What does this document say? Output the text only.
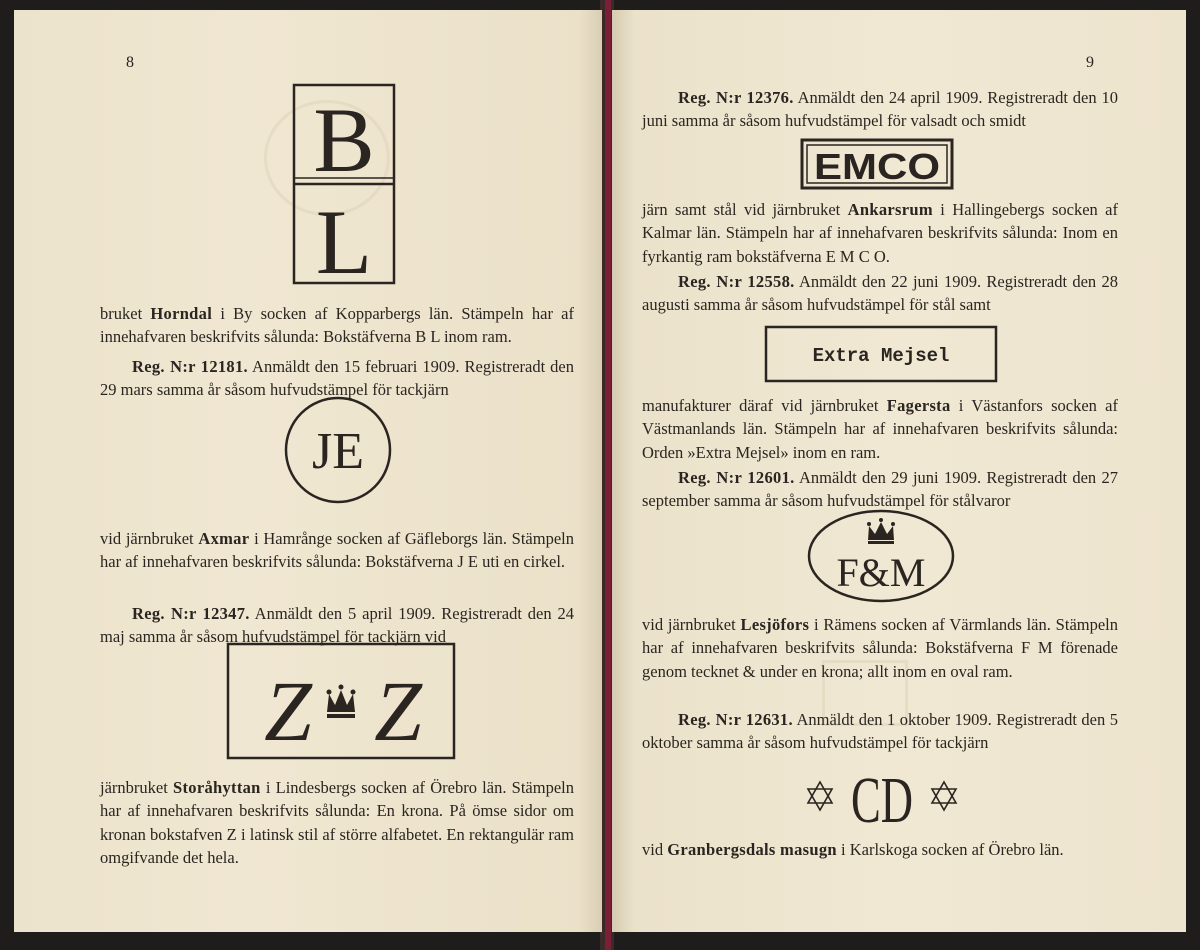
8
B
L

bruket Horndal i By socken af Kopparbergs län. Stämpeln har af innehafvaren beskrifvits sålunda: Bokstäfverna B L inom ram.

Reg. N:r 12181. Anmäldt den 15 februari 1909. Registreradt den 29 mars samma år såsom hufvudstämpel för tackjärn

JE

vid järnbruket Axmar i Hamrånge socken af Gäfleborgs län. Stämpeln har af innehafvaren beskrifvits sålunda: Bokstäfverna J E uti en cirkel.

Reg. N:r 12347. Anmäldt den 5 april 1909. Registreradt den 24 maj samma år såsom hufvudstämpel för tackjärn vid

Z Z

järnbruket Storåhyttan i Lindesbergs socken af Örebro län. Stämpeln har af innehafvaren beskrifvits sålunda: En krona. På ömse sidor om kronan bokstafven Z i latinsk stil af större alfabetet. En rektangulär ram omgifvande det hela.

9

Reg. N:r 12376. Anmäldt den 24 april 1909. Registreradt den 10 juni samma år såsom hufvudstämpel för valsadt och smidt

EMCO

järn samt stål vid järnbruket Ankarsrum i Hallingebergs socken af Kalmar län. Stämpeln har af innehafvaren beskrifvits sålunda: Inom en fyrkantig ram bokstäfverna E M C O.

Reg. N:r 12558. Anmäldt den 22 juni 1909. Registreradt den 28 augusti samma år såsom hufvudstämpel för stål samt

Extra Mejsel

manufakturer däraf vid järnbruket Fagersta i Västanfors socken af Västmanlands län. Stämpeln har af innehafvaren beskrifvits sålunda: Orden »Extra Mejsel» inom en ram.

Reg. N:r 12601. Anmäldt den 29 juni 1909. Registreradt den 27 september samma år såsom hufvudstämpel för stålvaror

F&M

vid järnbruket Lesjöfors i Rämens socken af Värmlands län. Stämpeln har af innehafvaren beskrifvits sålunda: Bokstäfverna F M förenade genom tecknet & under en krona; allt inom en oval ram.

Reg. N:r 12631. Anmäldt den 1 oktober 1909. Registreradt den 5 oktober samma år såsom hufvudstämpel för tackjärn

CD

vid Granbergsdals masugn i Karlskoga socken af Örebro län.
